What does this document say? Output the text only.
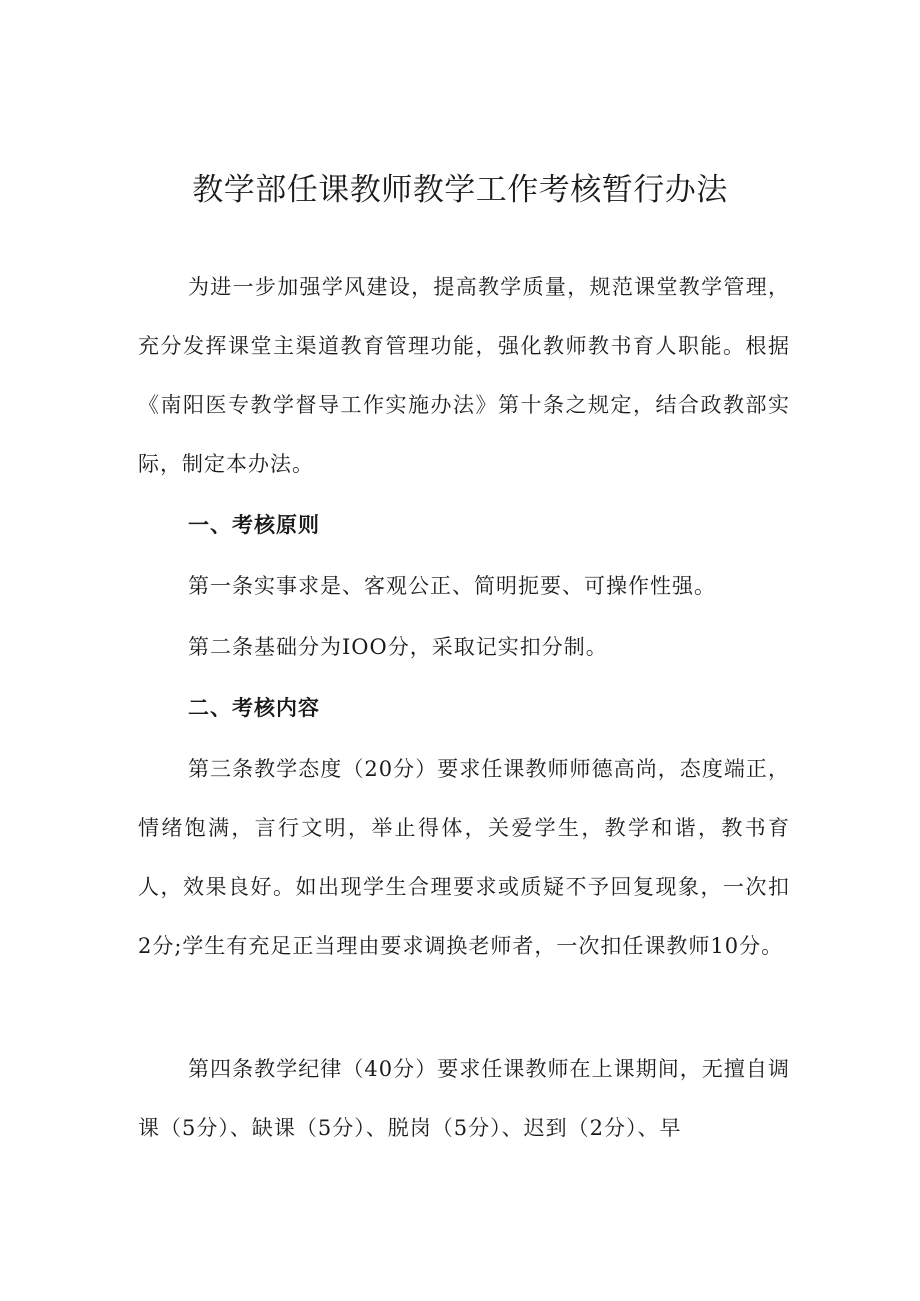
教学部任课教师教学工作考核暂行办法

为进一步加强学风建设，提高教学质量，规范课堂教学管理，充分发挥课堂主渠道教育管理功能，强化教师教书育人职能。根据《南阳医专教学督导工作实施办法》第十条之规定，结合政教部实际，制定本办法。

一、考核原则

第一条实事求是、客观公正、简明扼要、可操作性强。

第二条基础分为IOO分，采取记实扣分制。

二、考核内容

第三条教学态度（20分）要求任课教师师德高尚，态度端正，情绪饱满，言行文明，举止得体，关爱学生，教学和谐，教书育人，效果良好。如出现学生合理要求或质疑不予回复现象，一次扣2分;学生有充足正当理由要求调换老师者，一次扣任课教师10分。

第四条教学纪律（40分）要求任课教师在上课期间，无擅自调课（5分）、缺课（5分）、脱岗（5分）、迟到（2分）、早
